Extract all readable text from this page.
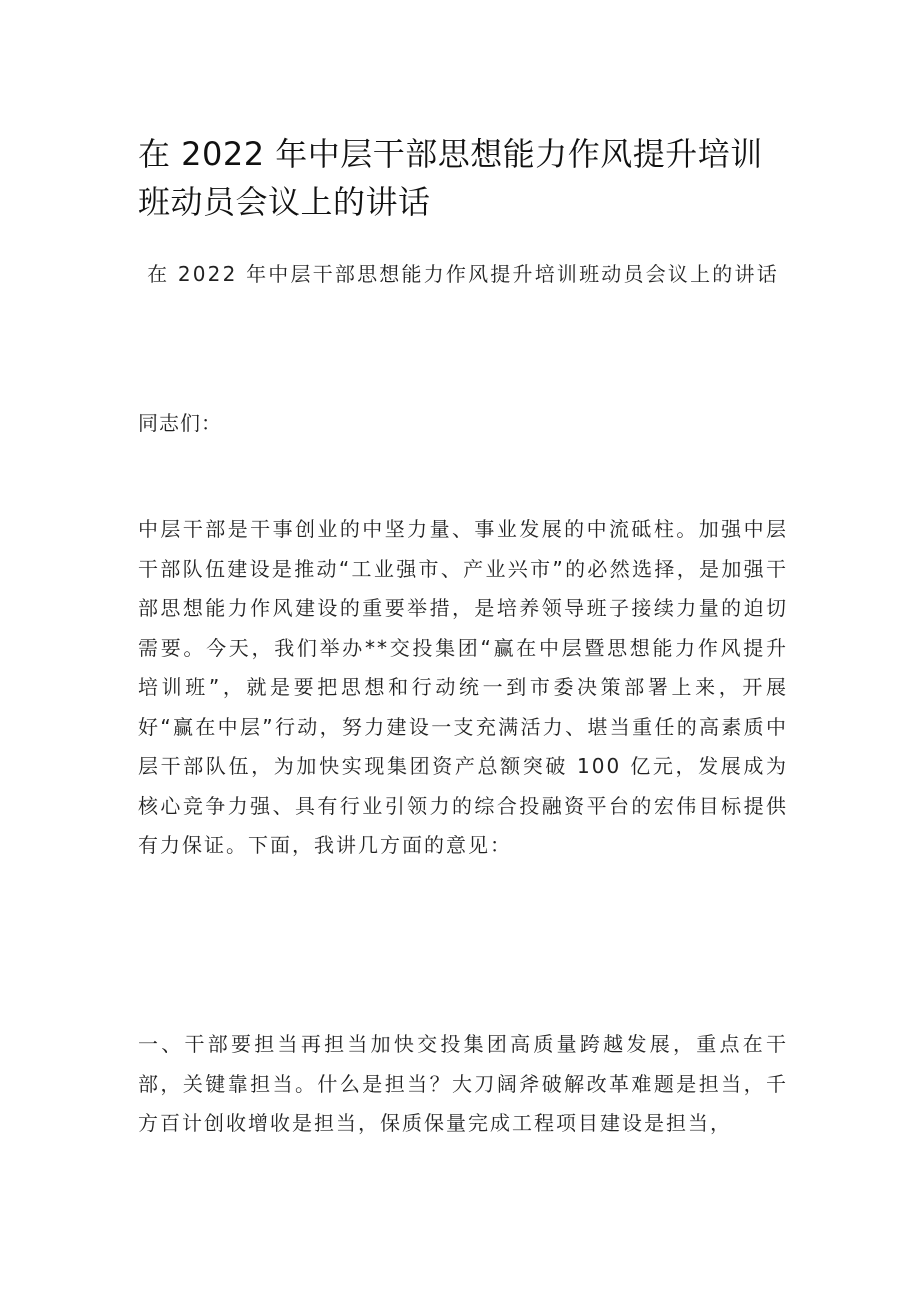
在 2022 年中层干部思想能力作风提升培训班动员会议上的讲话

在 2022 年中层干部思想能力作风提升培训班动员会议上的讲话

同志们：

中层干部是干事创业的中坚力量、事业发展的中流砥柱。加强中层干部队伍建设是推动“工业强市、产业兴市”的必然选择，是加强干部思想能力作风建设的重要举措，是培养领导班子接续力量的迫切需要。今天，我们举办**交投集团“赢在中层暨思想能力作风提升培训班”，就是要把思想和行动统一到市委决策部署上来，开展好“赢在中层”行动，努力建设一支充满活力、堪当重任的高素质中层干部队伍，为加快实现集团资产总额突破 100 亿元，发展成为核心竞争力强、具有行业引领力的综合投融资平台的宏伟目标提供有力保证。下面，我讲几方面的意见：

一、干部要担当再担当加快交投集团高质量跨越发展，重点在干部，关键靠担当。什么是担当？大刀阔斧破解改革难题是担当，千方百计创收增收是担当，保质保量完成工程项目建设是担当，
